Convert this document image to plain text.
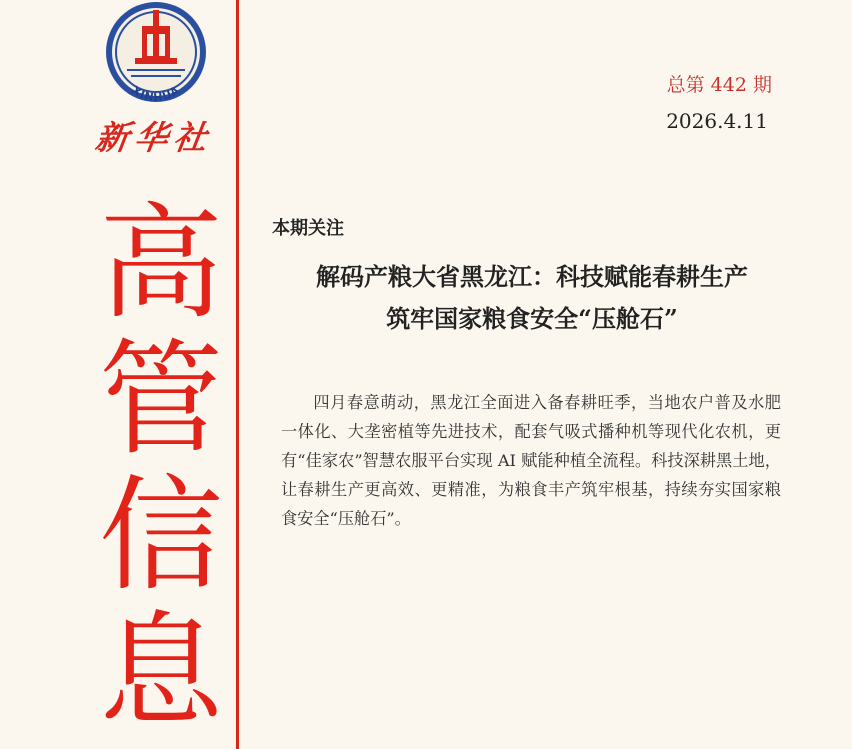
XINHUA
新华社
高
管
信
息
总第 442 期
2026.4.11
本期关注
解码产粮大省黑龙江：科技赋能春耕生产
筑牢国家粮食安全“压舱石”

四月春意萌动，黑龙江全面进入备春耕旺季，当地农户普及水肥一体化、大垄密植等先进技术，配套气吸式播种机等现代化农机，更有“佳家农”智慧农服平台实现 AI 赋能种植全流程。科技深耕黑土地，让春耕生产更高效、更精准，为粮食丰产筑牢根基，持续夯实国家粮食安全“压舱石”。
